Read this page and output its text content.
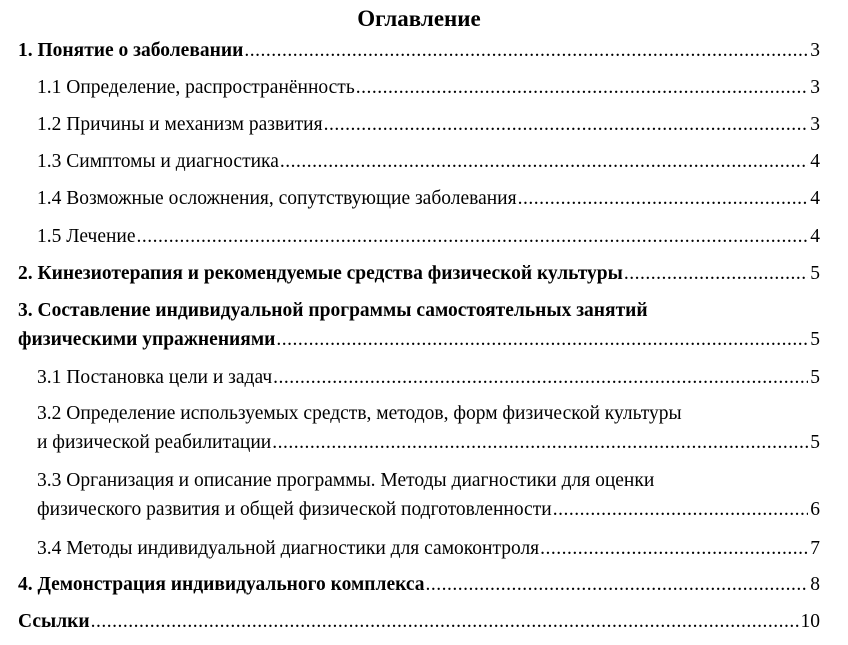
Оглавление
1. Понятие о заболевании .....	3
1.1 Определение, распространённость .....	3
1.2 Причины и механизм развития .....	3
1.3 Симптомы и диагностика .....	4
1.4 Возможные осложнения, сопутствующие заболевания .....	4
1.5 Лечение .....	4
2. Кинезиотерапия и рекомендуемые средства физической культуры .....	5
3. Составление индивидуальной программы самостоятельных занятий
физическими упражнениями .....	5
3.1 Постановка цели и задач .....	5
3.2 Определение используемых средств, методов, форм физической культуры
и физической реабилитации .....	5
3.3 Организация и описание программы. Методы диагностики для оценки
физического развития и общей физической подготовленности .....	6
3.4 Методы индивидуальной диагностики для самоконтроля .....	7
4. Демонстрация индивидуального комплекса .....	8
Ссылки .....	10
